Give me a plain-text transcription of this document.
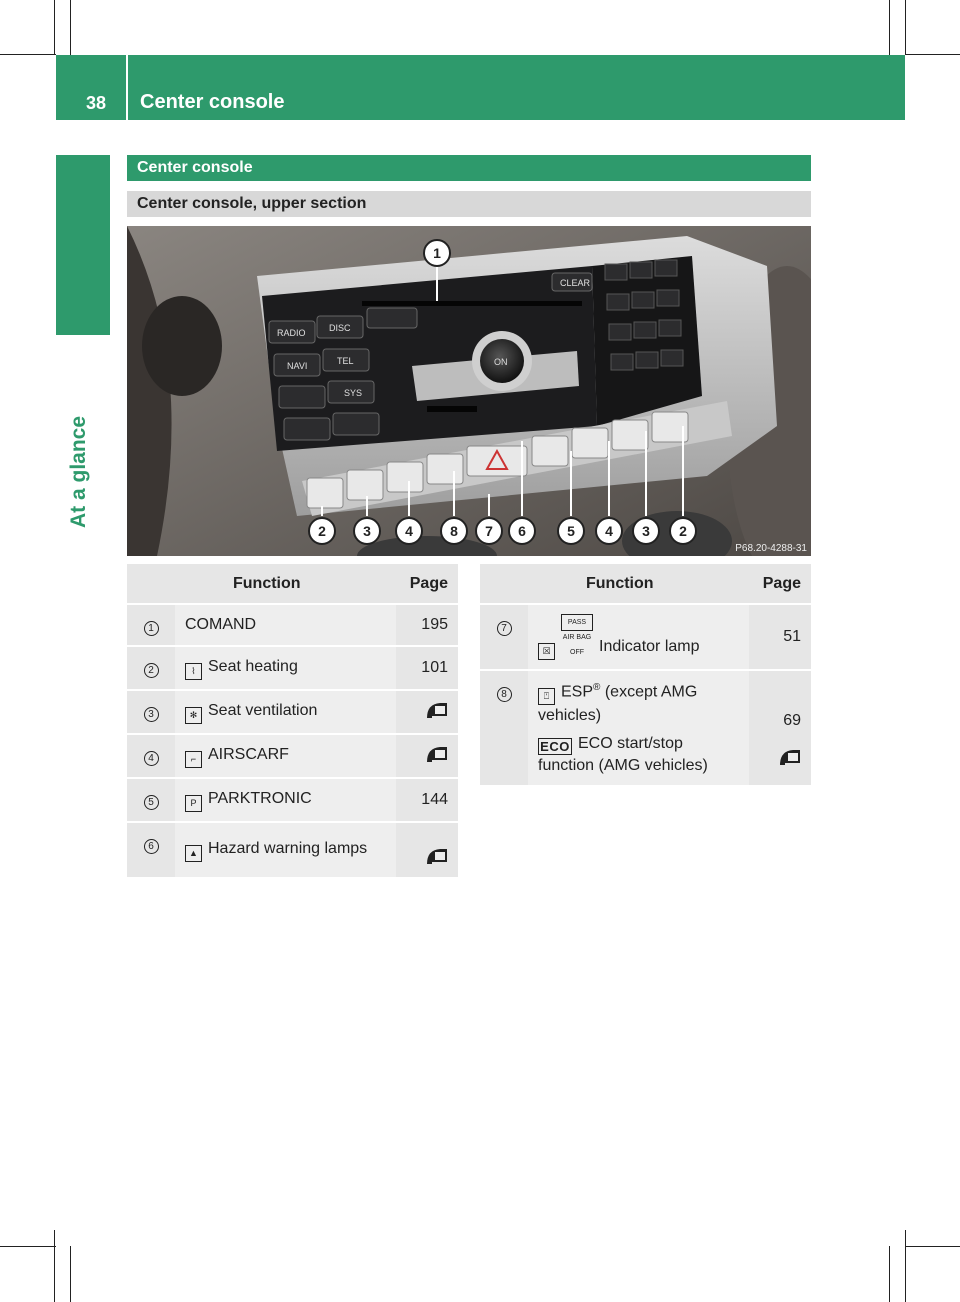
38 Center console
At a glance
Center console
Center console, upper section
RADIO	DISC
NAVI	TEL
SYS
CLEAR
ON
1
2	3 4	8 7 6	5 4 3 2
P68.20-4288-31
	Function	Page
1	COMAND	195
2	⌇ Seat heating	101
3	✻ Seat ventilation	
4	⌐ AIRSCARF	
5	P PARKTRONIC	144
6	▲ Hazard warning lamps	
	Function	Page
7	☒PASS AIR BAG OFF Indicator lamp	51
8	⍞ ESP® (except AMG vehicles)
ECO ECO start/stop function (AMG vehicles)	69
